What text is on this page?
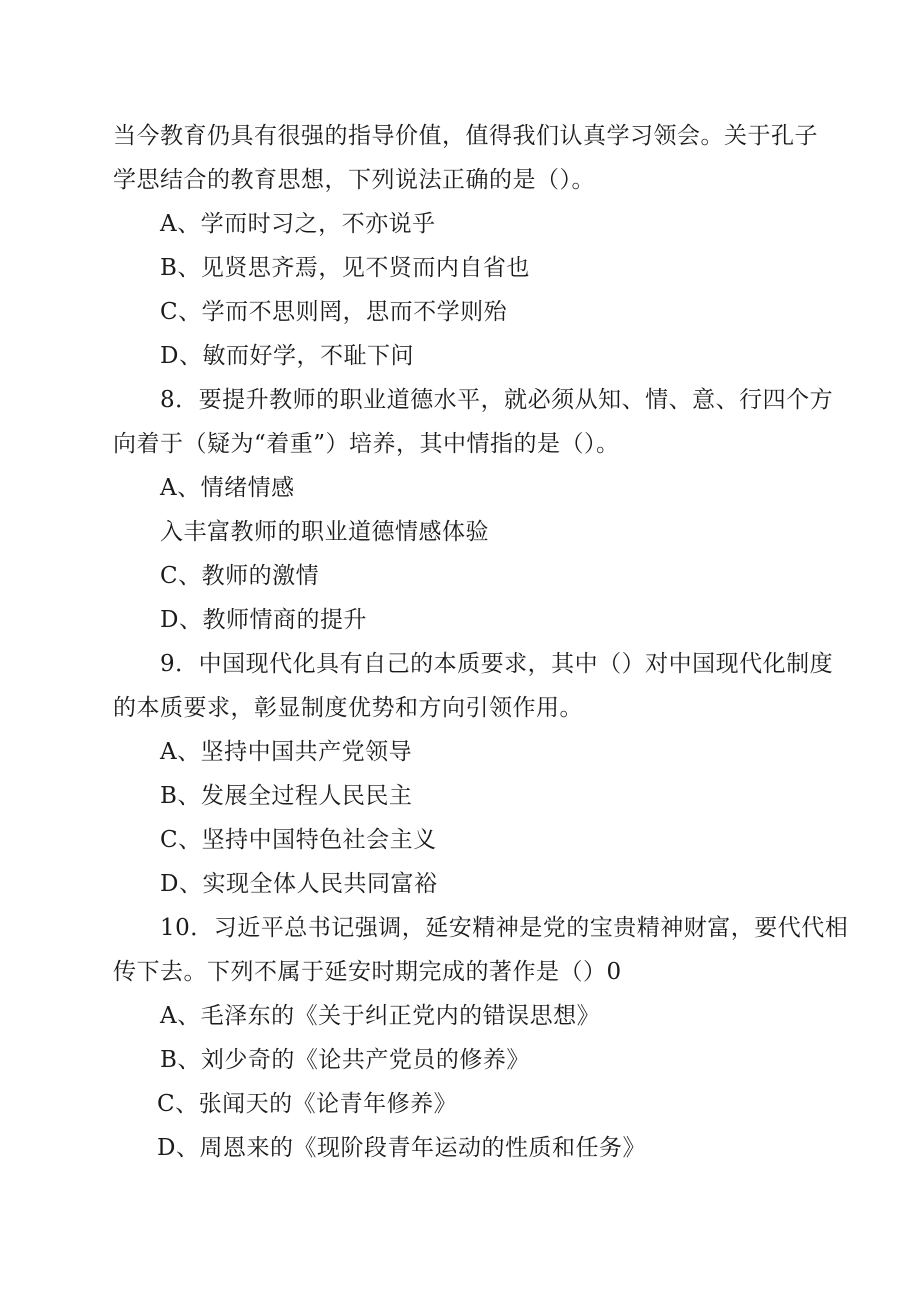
当今教育仍具有很强的指导价值，值得我们认真学习领会。关于孔子
学思结合的教育思想，下列说法正确的是（）。
A、学而时习之，不亦说乎
B、见贤思齐焉，见不贤而内自省也
C、学而不思则罔，思而不学则殆
D、敏而好学，不耻下问
8．要提升教师的职业道德水平，就必须从知、情、意、行四个方
向着于（疑为“着重”）培养，其中情指的是（）。
A、情绪情感
入丰富教师的职业道德情感体验
C、教师的激情
D、教师情商的提升
9．中国现代化具有自己的本质要求，其中（）对中国现代化制度
的本质要求，彰显制度优势和方向引领作用。
A、坚持中国共产党领导
B、发展全过程人民民主
C、坚持中国特色社会主义
D、实现全体人民共同富裕
10．习近平总书记强调，延安精神是党的宝贵精神财富，要代代相
传下去。下列不属于延安时期完成的著作是（）0
A、毛泽东的《关于纠正党内的错误思想》
B、刘少奇的《论共产党员的修养》
C、张闻天的《论青年修养》
D、周恩来的《现阶段青年运动的性质和任务》
